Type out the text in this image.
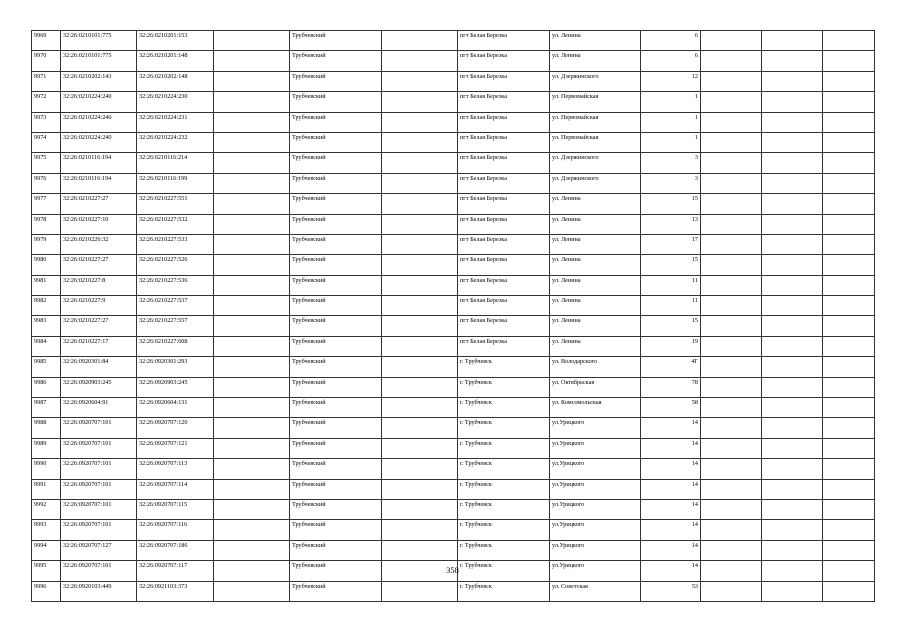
9969	32:26:0210101:775	32:26:0210201:153		Трубчевский		пгт Белая Березка	ул. Ленина	6			
9970	32:26:0210101:775	32:26:0210201:148		Трубчевский		пгт Белая Березка	ул. Ленина	6			
9971	32:26:0210202:143	32:26:0210202:148		Трубчевский		пгт Белая Березка	ул. Дзержинского	12			
9972	32:26:0210224:240	32:26:0210224:230		Трубчевский		пгт Белая Березка	ул. Первомайская	1			
9973	32:26:0210224:240	32:26:0210224:231		Трубчевский		пгт Белая Березка	ул. Первомайская	1			
9974	32:26:0210224:240	32:26:0210224:232		Трубчевский		пгт Белая Березка	ул. Первомайская	1			
9975	32:26:0210116:194	32:26:0210116:214		Трубчевский		пгт Белая Березка	ул. Дзержинского	3			
9976	32:26:0210116:194	32:26:0210116:199		Трубчевский		пгт Белая Березка	ул. Дзержинского	3			
9977	32:26:0210227:27	32:26:0210227:551		Трубчевский		пгт Белая Березка	ул. Ленина	15			
9978	32:26:0210227:10	32:26:0210227:532		Трубчевский		пгт Белая Березка	ул. Ленина	13			
9979	32:26:0210226:32	32:26:0210227:533		Трубчевский		пгт Белая Березка	ул. Ленина	17			
9980	32:26:0210227:27	32:26:0210227:526		Трубчевский		пгт Белая Березка	ул. Ленина	15			
9981	32:26:0210227:8	32:26:0210227:536		Трубчевский		пгт Белая Березка	ул. Ленина	11			
9982	32:26:0210227:9	32:26:0210227:537		Трубчевский		пгт Белая Березка	ул. Ленина	11			
9983	32:26:0210227:27	32:26:0210227:557		Трубчевский		пгт Белая Березка	ул. Ленина	15			
9984	32:26:0210227:17	32:26:0210227:608		Трубчевский		пгт Белая Березка	ул. Ленина	19			
9985	32:26:0920301:84	32:26:0920301:293		Трубчевский		г. Трубчевск	ул. Володарского	4Г			
9986	32:26:0920903:245	32:26:0920903:245		Трубчевский		г. Трубчевск	ул. Октябрьская	78			
9987	32:26:0920604:91	32:26:0920604:131		Трубчевский		г. Трубчевск	ул. Комсомольская	58			
9988	32:26:0920707:101	32:26:0920707:120		Трубчевский		г. Трубчевск	ул.Урицкого	14			
9989	32:26:0920707:101	32:26:0920707:121		Трубчевский		г. Трубчевск	ул.Урицкого	14			
9990	32:26:0920707:101	32:26:0920707:113		Трубчевский		г. Трубчевск	ул.Урицкого	14			
9991	32:26:0920707:101	32:26:0920707:114		Трубчевский		г. Трубчевск	ул.Урицкого	14			
9992	32:26:0920707:101	32:26:0920707:115		Трубчевский		г. Трубчевск	ул.Урицкого	14			
9993	32:26:0920707:101	32:26:0920707:116		Трубчевский		г. Трубчевск	ул.Урицкого	14			
9994	32:26:0920707:127	32:26:0920707:186		Трубчевский		г. Трубчевск	ул.Урицкого	14			
9995	32:26:0920707:101	32:26:0920707:117		Трубчевский		г. Трубчевск	ул.Урицкого	14			
9996	32:26:0920103:449	32:26:0921103:373		Трубчевский		г. Трубчевск	ул. Советская	53			
358
